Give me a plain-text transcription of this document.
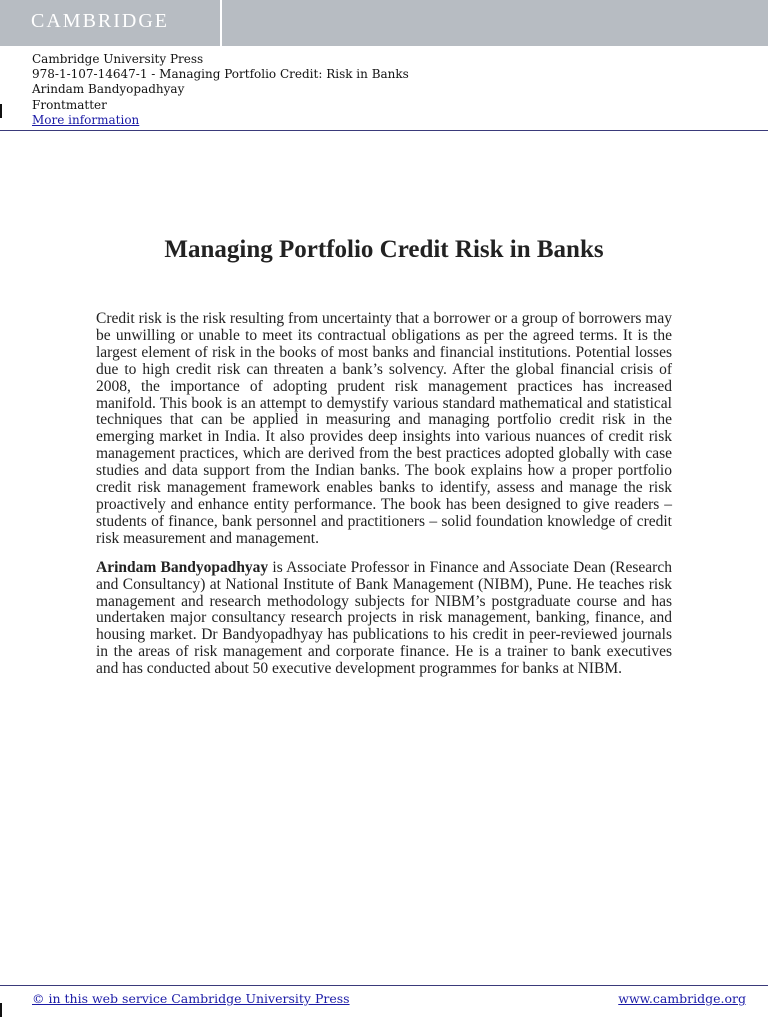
CAMBRIDGE
Cambridge University Press
978-1-107-14647-1 - Managing Portfolio Credit: Risk in Banks
Arindam Bandyopadhyay
Frontmatter
More information
Managing Portfolio Credit Risk in Banks

Credit risk is the risk resulting from uncertainty that a borrower or a group of borrowers may be unwilling or unable to meet its contractual obligations as per the agreed terms. It is the largest element of risk in the books of most banks and financial institutions. Potential losses due to high credit risk can threaten a bank’s solvency. After the global financial crisis of 2008, the importance of adopting prudent risk management practices has increased manifold. This book is an attempt to demystify various standard mathematical and statistical techniques that can be applied in measuring and managing portfolio credit risk in the emerging market in India. It also provides deep insights into various nuances of credit risk management practices, which are derived from the best practices adopted globally with case studies and data support from the Indian banks. The book explains how a proper portfolio credit risk management framework enables banks to identify, assess and manage the risk proactively and enhance entity performance. The book has been designed to give readers – students of finance, bank personnel and practitioners – solid foundation knowledge of credit risk measurement and management.

Arindam Bandyopadhyay is Associate Professor in Finance and Associate Dean (Research and Consultancy) at National Institute of Bank Management (NIBM), Pune. He teaches risk management and research methodology subjects for NIBM’s postgraduate course and has undertaken major consultancy research projects in risk management, banking, finance, and housing market. Dr Bandyopadhyay has publications to his credit in peer-reviewed journals in the areas of risk management and corporate finance. He is a trainer to bank executives and has conducted about 50 executive development programmes for banks at NIBM.

© in this web service Cambridge University Press	www.cambridge.org
